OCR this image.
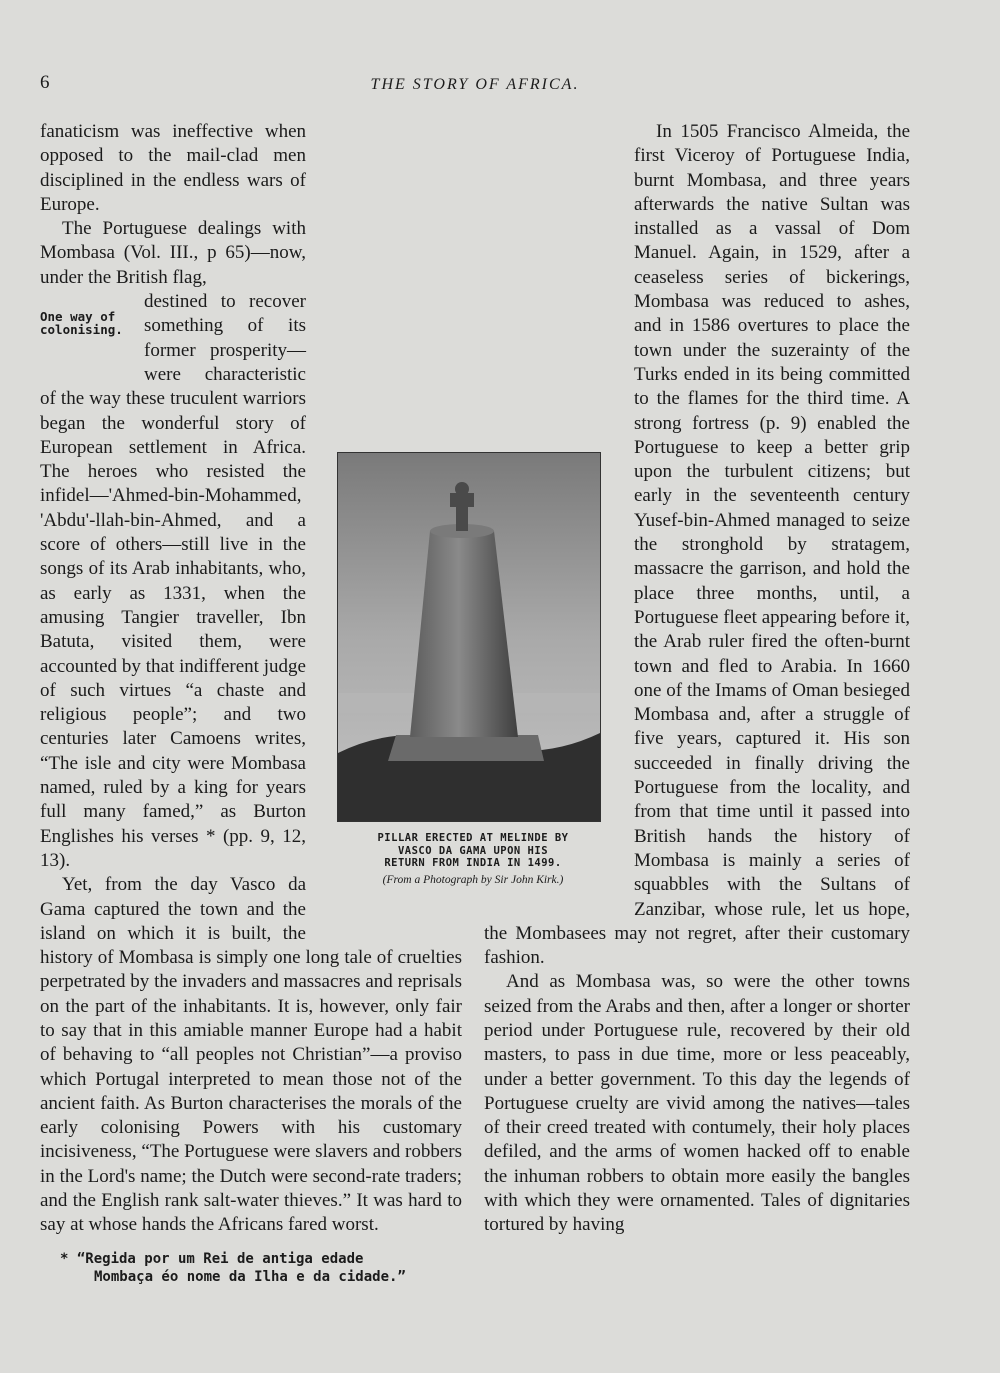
6	THE STORY OF AFRICA.

fanaticism was ineffective when opposed to the mail-clad men disciplined in the endless wars of Europe.

The Portuguese dealings with Mombasa (Vol. III., p 65)—now, under the British flag,

One way of
colonising.

destined to recover something of its former prosperity—were characteristic of the way these truculent warriors began the wonderful story of European settlement in Africa. The heroes who resisted the infidel—'Ahmed-bin-Mohammed, 'Abdu'-llah-bin-Ahmed, and a score of others—still live in the songs of its Arab inhabitants, who, as early as 1331, when the amusing Tangier traveller, Ibn Batuta, visited them, were accounted by that indifferent judge of such virtues “a chaste and religious people”; and two centuries later Camoens writes, “The isle and city were Mombasa named, ruled by a king for years full many famed,” as Burton Englishes his verses * (pp. 9, 12, 13).

Yet, from the day Vasco da Gama captured the town and the island on which it is built, the history of Mombasa is simply one long tale of cruelties perpetrated by the invaders and massacres and reprisals on the part of the inhabitants. It is, however, only fair to say that in this amiable manner Europe had a habit of behaving to “all peoples not Christian”—a proviso which Portugal interpreted to mean those not of the ancient faith. As Burton characterises the morals of the early colonising Powers with his customary incisiveness, “The Portuguese were slavers and robbers in the Lord's name; the Dutch were second-rate traders; and the English rank salt-water thieves.” It was hard to say at whose hands the Africans fared worst.

In 1505 Francisco Almeida, the first Viceroy of Portuguese India, burnt Mombasa, and three years afterwards the native Sultan was installed as a vassal of Dom Manuel. Again, in 1529, after a ceaseless series of bickerings, Mombasa was reduced to ashes, and in 1586 overtures to place the town under the suzerainty of the Turks ended in its being committed to the flames for the third time. A strong fortress (p. 9) enabled the Portuguese to keep a better grip upon the turbulent citizens; but early in the seventeenth century Yusef-bin-Ahmed managed to seize the stronghold by stratagem, massacre the garrison, and hold the place three months, until, a Portuguese fleet appearing before it, the Arab ruler fired the often-burnt town and fled to Arabia. In 1660 one of the Imams of Oman besieged Mombasa and, after a struggle of five years, captured it. His son succeeded in finally driving the Portuguese from the locality, and from that time until it passed into British hands the history of Mombasa is mainly a series of squabbles with the Sultans of Zanzibar, whose rule, let us hope, the Mombasees may not regret, after their customary fashion.

And as Mombasa was, so were the other towns seized from the Arabs and then, after a longer or shorter period under Portuguese rule, recovered by their old masters, to pass in due time, more or less peaceably, under a better government. To this day the legends of Portuguese cruelty are vivid among the natives—tales of their creed treated with contumely, their holy places defiled, and the arms of women hacked off to enable the inhuman robbers to obtain more easily the bangles with which they were ornamented. Tales of dignitaries tortured by having

PILLAR ERECTED AT MELINDE BY
VASCO DA GAMA UPON HIS
RETURN FROM INDIA IN 1499.
(From a Photograph by Sir John Kirk.)
* “Regida por um Rei de antiga edade
Mombaça éo nome da Ilha e da cidade.”
